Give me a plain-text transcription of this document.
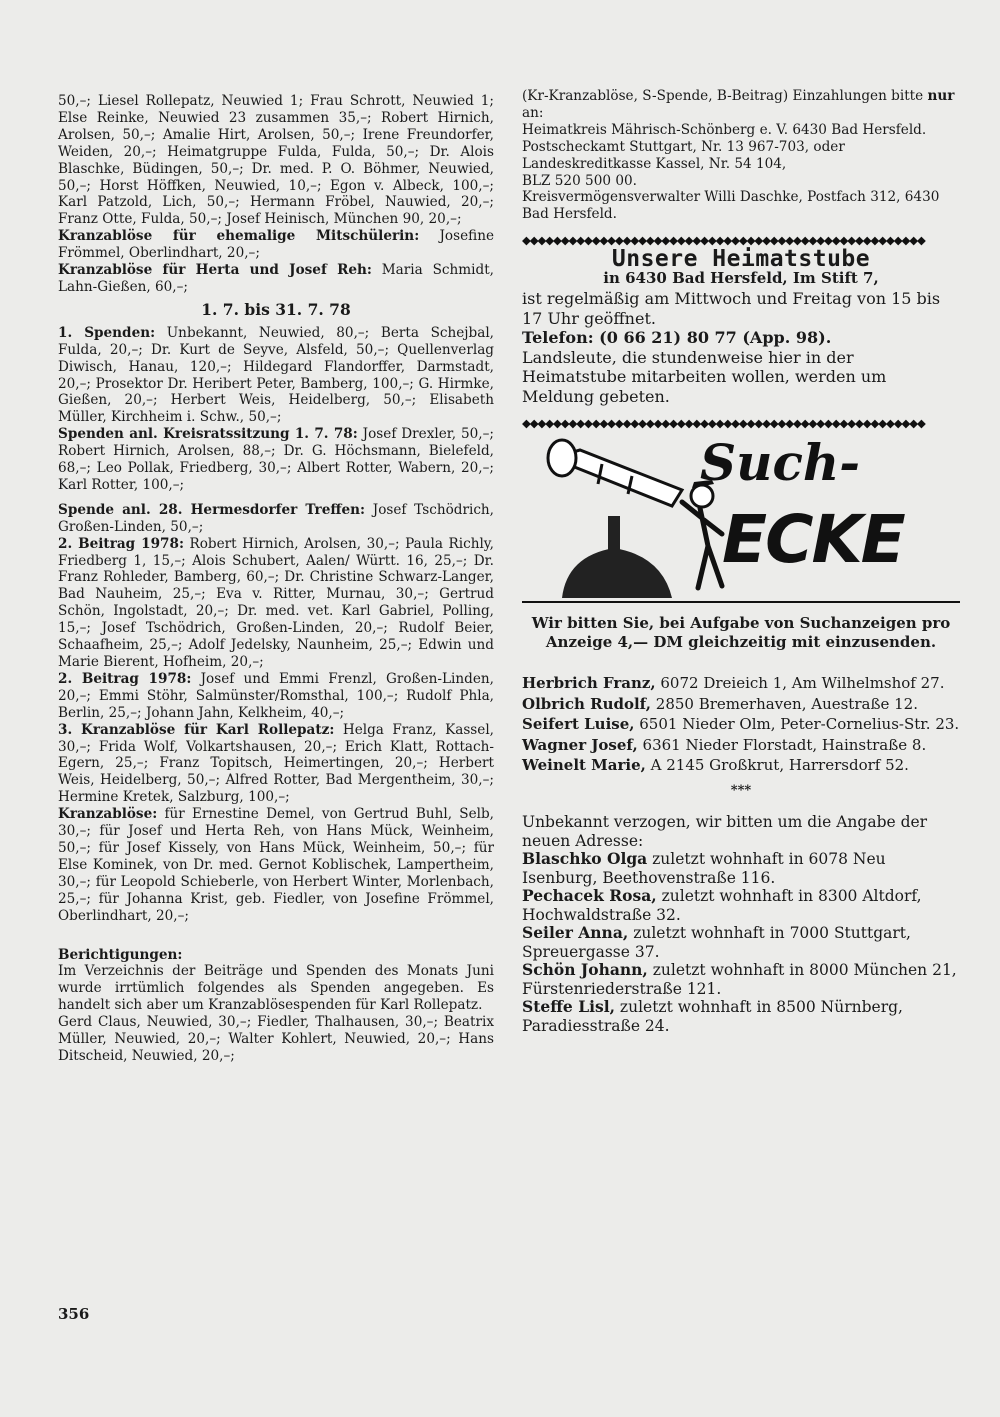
50,–; Liesel Rollepatz, Neuwied 1; Frau Schrott, Neuwied 1; Else Reinke, Neuwied 23 zusammen 35,–; Robert Hirnich, Arolsen, 50,–; Amalie Hirt, Arolsen, 50,–; Irene Freundorfer, Weiden, 20,–; Heimatgruppe Fulda, Fulda, 50,–; Dr. Alois Blaschke, Büdingen, 50,–; Dr. med. P. O. Böhmer, Neuwied, 50,–; Horst Höffken, Neuwied, 10,–; Egon v. Albeck, 100,–; Karl Patzold, Lich, 50,–; Hermann Fröbel, Nauwied, 20,–; Franz Otte, Fulda, 50,–; Josef Heinisch, München 90, 20,–;

Kranzablöse für ehemalige Mitschülerin: Josefine Frömmel, Oberlindhart, 20,–;

Kranzablöse für Herta und Josef Reh: Maria Schmidt, Lahn-Gießen, 60,–;

1. 7. bis 31. 7. 78

1. Spenden: Unbekannt, Neuwied, 80,–; Berta Schejbal, Fulda, 20,–; Dr. Kurt de Seyve, Alsfeld, 50,–; Quellenverlag Diwisch, Hanau, 120,–; Hildegard Flandorffer, Darmstadt, 20,–; Prosektor Dr. Heribert Peter, Bamberg, 100,–; G. Hirmke, Gießen, 20,–; Herbert Weis, Heidelberg, 50,–; Elisabeth Müller, Kirchheim i. Schw., 50,–;

Spenden anl. Kreisratssitzung 1. 7. 78: Josef Drexler, 50,–; Robert Hirnich, Arolsen, 88,–; Dr. G. Höchsmann, Bielefeld, 68,–; Leo Pollak, Friedberg, 30,–; Albert Rotter, Wabern, 20,–; Karl Rotter, 100,–;

Spende anl. 28. Hermesdorfer Treffen: Josef Tschödrich, Großen-Linden, 50,–;

2. Beitrag 1978: Robert Hirnich, Arolsen, 30,–; Paula Richly, Friedberg 1, 15,–; Alois Schubert, Aalen/ Württ. 16, 25,–; Dr. Franz Rohleder, Bamberg, 60,–; Dr. Christine Schwarz-Langer, Bad Nauheim, 25,–; Eva v. Ritter, Murnau, 30,–; Gertrud Schön, Ingolstadt, 20,–; Dr. med. vet. Karl Gabriel, Polling, 15,–; Josef Tschödrich, Großen-Linden, 20,–; Rudolf Beier, Schaafheim, 25,–; Adolf Jedelsky, Naunheim, 25,–; Edwin und Marie Bierent, Hofheim, 20,–;

2. Beitrag 1978: Josef und Emmi Frenzl, Großen-Linden, 20,–; Emmi Stöhr, Salmünster/Romsthal, 100,–; Rudolf Phla, Berlin, 25,–; Johann Jahn, Kelkheim, 40,–;

3. Kranzablöse für Karl Rollepatz: Helga Franz, Kassel, 30,–; Frida Wolf, Volkartshausen, 20,–; Erich Klatt, Rottach-Egern, 25,–; Franz Topitsch, Heimertingen, 20,–; Herbert Weis, Heidelberg, 50,–; Alfred Rotter, Bad Mergentheim, 30,–; Hermine Kretek, Salzburg, 100,–;

Kranzablöse: für Ernestine Demel, von Gertrud Buhl, Selb, 30,–; für Josef und Herta Reh, von Hans Mück, Weinheim, 50,–; für Josef Kissely, von Hans Mück, Weinheim, 50,–; für Else Kominek, von Dr. med. Gernot Koblischek, Lampertheim, 30,–; für Leopold Schieberle, von Herbert Winter, Morlenbach, 25,–; für Johanna Krist, geb. Fiedler, von Josefine Frömmel, Oberlindhart, 20,–;

Berichtigungen:

Im Verzeichnis der Beiträge und Spenden des Monats Juni wurde irrtümlich folgendes als Spenden angegeben. Es handelt sich aber um Kranzablösespenden für Karl Rollepatz.

Gerd Claus, Neuwied, 30,–; Fiedler, Thalhausen, 30,–; Beatrix Müller, Neuwied, 20,–; Walter Kohlert, Neuwied, 20,–; Hans Ditscheid, Neuwied, 20,–;

356

(Kr-Kranzablöse, S-Spende, B-Beitrag) Einzahlungen bitte nur an:

Heimatkreis Mährisch-Schönberg e. V. 6430 Bad Hersfeld.

Postscheckamt Stuttgart, Nr. 13 967-703, oder Landeskreditkasse Kassel, Nr. 54 104,

BLZ 520 500 00.

Kreisvermögensverwalter Willi Daschke, Postfach 312, 6430 Bad Hersfeld.

◆◆◆◆◆◆◆◆◆◆◆◆◆◆◆◆◆◆◆◆◆◆◆◆◆◆◆◆◆◆◆◆◆◆◆◆◆◆◆◆◆◆◆◆◆◆◆◆◆◆◆◆
Unsere Heimatstube
in 6430 Bad Hersfeld, Im Stift 7,

ist regelmäßig am Mittwoch und Freitag von 15 bis 17 Uhr geöffnet.

Telefon: (0 66 21) 80 77 (App. 98).

Landsleute, die stundenweise hier in der Heimatstube mitarbeiten wollen, werden um Meldung gebeten.

◆◆◆◆◆◆◆◆◆◆◆◆◆◆◆◆◆◆◆◆◆◆◆◆◆◆◆◆◆◆◆◆◆◆◆◆◆◆◆◆◆◆◆◆◆◆◆◆◆◆◆◆
Such-
ECKE

Wir bitten Sie, bei Aufgabe von Suchanzeigen pro Anzeige 4,— DM gleichzeitig mit einzusenden.

Herbrich Franz, 6072 Dreieich 1, Am Wilhelmshof 27.

Olbrich Rudolf, 2850 Bremerhaven, Auestraße 12.

Seifert Luise, 6501 Nieder Olm, Peter-Cornelius-Str. 23.

Wagner Josef, 6361 Nieder Florstadt, Hainstraße 8.

Weinelt Marie, A 2145 Großkrut, Harrersdorf 52.

***

Unbekannt verzogen, wir bitten um die Angabe der neuen Adresse:

Blaschko Olga zuletzt wohnhaft in 6078 Neu Isenburg, Beethovenstraße 116.

Pechacek Rosa, zuletzt wohnhaft in 8300 Altdorf, Hochwaldstraße 32.

Seiler Anna, zuletzt wohnhaft in 7000 Stuttgart, Spreuergasse 37.

Schön Johann, zuletzt wohnhaft in 8000 München 21, Fürstenriederstraße 121.

Steffe Lisl, zuletzt wohnhaft in 8500 Nürnberg, Paradiesstraße 24.
